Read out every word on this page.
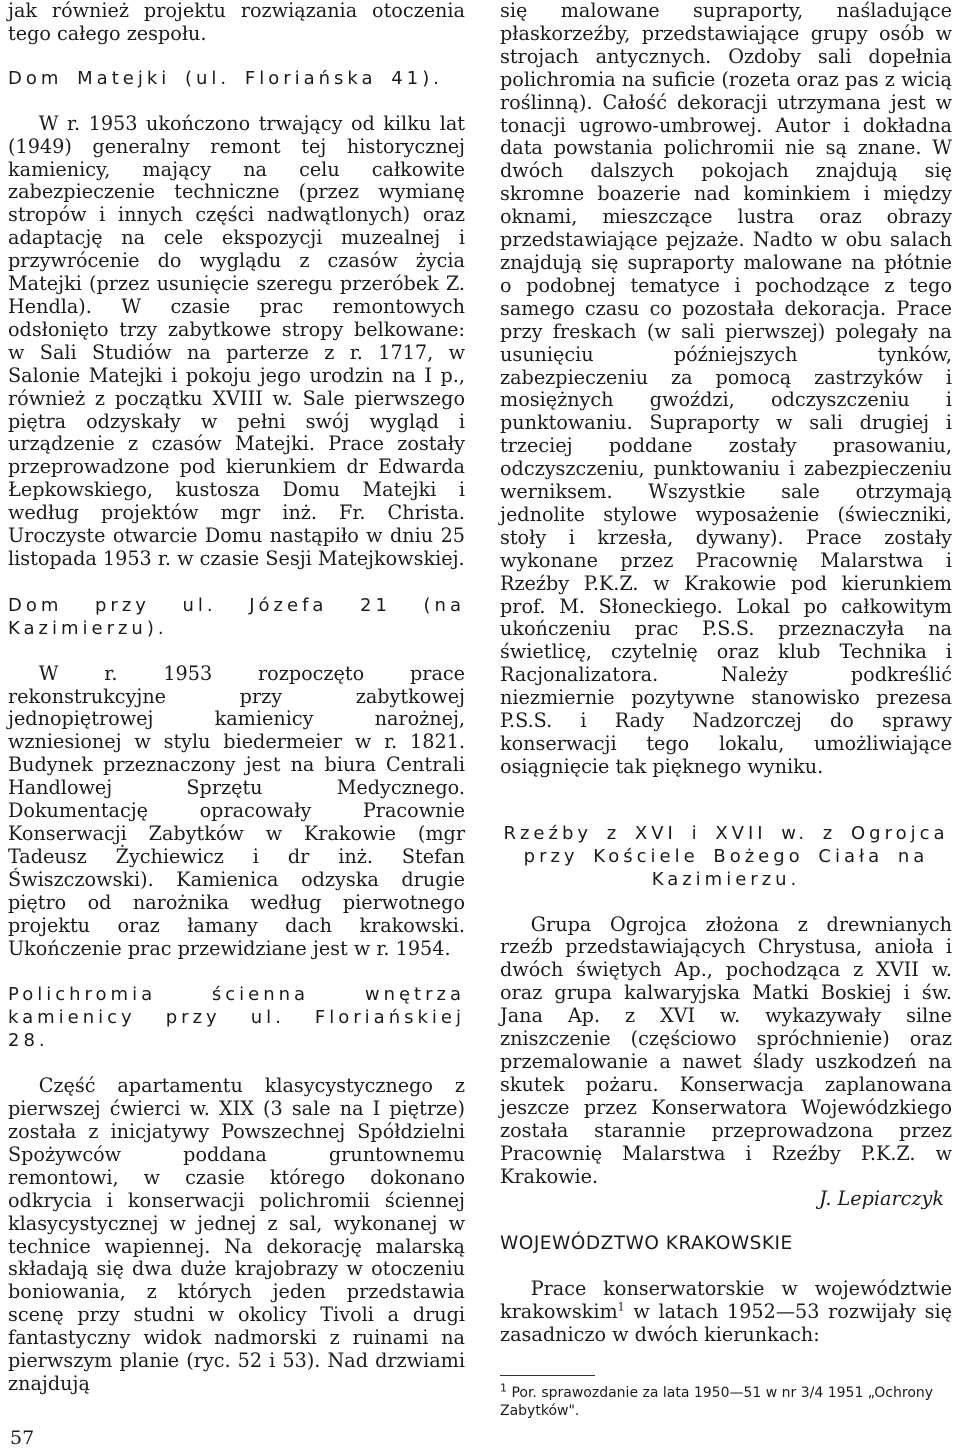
jak również projektu rozwiązania otoczenia tego całego zespołu.

Dom Matejki (ul. Floriańska 41).

W r. 1953 ukończono trwający od kilku lat (1949) generalny remont tej historycznej kamienicy, mający na celu całkowite zabezpieczenie techniczne (przez wymianę stropów i innych części nadwątlonych) oraz adaptację na cele ekspozycji muzealnej i przywrócenie do wyglądu z czasów życia Matejki (przez usunięcie szeregu przeróbek Z. Hendla). W czasie prac remontowych odsłonięto trzy zabytkowe stropy belkowane: w Sali Studiów na parterze z r. 1717, w Salonie Matejki i pokoju jego urodzin na I p., również z początku XVIII w. Sale pierwszego piętra odzyskały w pełni swój wygląd i urządzenie z czasów Matejki. Prace zostały przeprowadzone pod kierunkiem dr Edwarda Łepkowskiego, kustosza Domu Matejki i według projektów mgr inż. Fr. Christa. Uroczyste otwarcie Domu nastąpiło w dniu 25 listopada 1953 r. w czasie Sesji Matejkowskiej.

Dom przy ul. Józefa 21 (na Kazimierzu).

W r. 1953 rozpoczęto prace rekonstrukcyjne przy zabytkowej jednopiętrowej kamienicy narożnej, wzniesionej w stylu biedermeier w r. 1821. Budynek przeznaczony jest na biura Centrali Handlowej Sprzętu Medycznego. Dokumentację opracowały Pracownie Konserwacji Zabytków w Krakowie (mgr Tadeusz Żychiewicz i dr inż. Stefan Świszczowski). Kamienica odzyska drugie piętro od narożnika według pierwotnego projektu oraz łamany dach krakowski. Ukończenie prac przewidziane jest w r. 1954.

Polichromia ścienna wnętrza kamienicy przy ul. Floriańskiej 28.

Część apartamentu klasycystycznego z pierwszej ćwierci w. XIX (3 sale na I piętrze) została z inicjatywy Powszechnej Spółdzielni Spożywców poddana gruntownemu remontowi, w czasie którego dokonano odkrycia i konserwacji polichromii ściennej klasycystycznej w jednej z sal, wykonanej w technice wapiennej. Na dekorację malarską składają się dwa duże krajobrazy w otoczeniu boniowania, z których jeden przedstawia scenę przy studni w okolicy Tivoli a drugi fantastyczny widok nadmorski z ruinami na pierwszym planie (ryc. 52 i 53). Nad drzwiami znajdują

się malowane supraporty, naśladujące płaskorzeźby, przedstawiające grupy osób w strojach antycznych. Ozdoby sali dopełnia polichromia na suficie (rozeta oraz pas z wicią roślinną). Całość dekoracji utrzymana jest w tonacji ugrowo-umbrowej. Autor i dokładna data powstania polichromii nie są znane. W dwóch dalszych pokojach znajdują się skromne boazerie nad kominkiem i między oknami, mieszczące lustra oraz obrazy przedstawiające pejzaże. Nadto w obu salach znajdują się supraporty malowane na płótnie o podobnej tematyce i pochodzące z tego samego czasu co pozostała dekoracja. Prace przy freskach (w sali pierwszej) polegały na usunięciu późniejszych tynków, zabezpieczeniu za pomocą zastrzyków i mosiężnych gwoździ, odczyszczeniu i punktowaniu. Supraporty w sali drugiej i trzeciej poddane zostały prasowaniu, odczyszczeniu, punktowaniu i zabezpieczeniu werniksem. Wszystkie sale otrzymają jednolite stylowe wyposażenie (świeczniki, stoły i krzesła, dywany). Prace zostały wykonane przez Pracownię Malarstwa i Rzeźby P.K.Z. w Krakowie pod kierunkiem prof. M. Słoneckiego. Lokal po całkowitym ukończeniu prac P.S.S. przeznaczyła na świetlicę, czytelnię oraz klub Technika i Racjonalizatora. Należy podkreślić niezmiernie pozytywne stanowisko prezesa P.S.S. i Rady Nadzorczej do sprawy konserwacji tego lokalu, umożliwiające osiągnięcie tak pięknego wyniku.

Rzeźby z XVI i XVII w. z Ogrojca przy Kościele Bożego Ciała na Kazimierzu.

Grupa Ogrojca złożona z drewnianych rzeźb przedstawiających Chrystusa, anioła i dwóch świętych Ap., pochodząca z XVII w. oraz grupa kalwaryjska Matki Boskiej i św. Jana Ap. z XVI w. wykazywały silne zniszczenie (częściowo spróchnienie) oraz przemalowanie a nawet ślady uszkodzeń na skutek pożaru. Konserwacja zaplanowana jeszcze przez Konserwatora Wojewódzkiego została starannie przeprowadzona przez Pracownię Malarstwa i Rzeźby P.K.Z. w Krakowie.

J. Lepiarczyk

WOJEWÓDZTWO KRAKOWSKIE

Prace konserwatorskie w województwie krakowskim$^1$ w latach 1952—53 rozwijały się zasadniczo w dwóch kierunkach:

$^1$ Por. sprawozdanie za lata 1950—51 w nr 3/4 1951 „Ochrony Zabytków".

57
